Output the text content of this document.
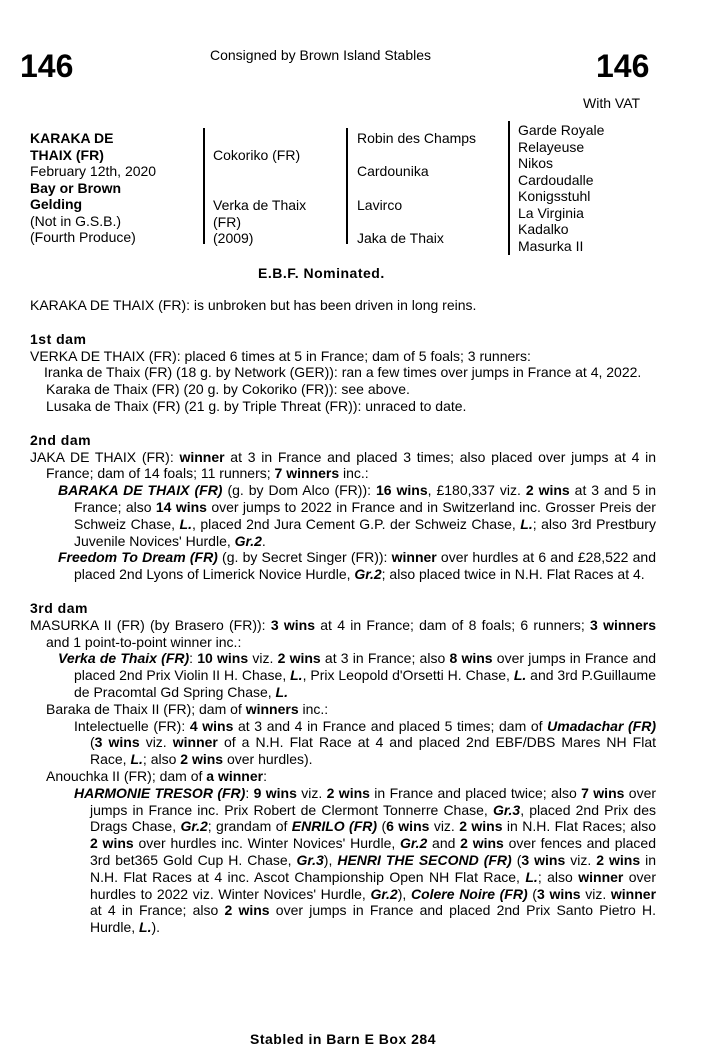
146	146
Consigned by Brown Island Stables
With VAT
KARAKA DE
THAIX (FR)
February 12th, 2020
Bay or Brown
Gelding
(Not in G.S.B.)
(Fourth Produce)
Cokoriko (FR)
Verka de Thaix
(FR)
(2009)
Robin des Champs
Cardounika
Lavirco
Jaka de Thaix
Garde Royale
Relayeuse
Nikos
Cardoudalle
Konigsstuhl
La Virginia
Kadalko
Masurka II
E.B.F. Nominated.

KARAKA DE THAIX (FR): is unbroken but has been driven in long reins.

1st dam

VERKA DE THAIX (FR): placed 6 times at 5 in France; dam of 5 foals; 3 runners:

Iranka de Thaix (FR) (18 g. by Network (GER)): ran a few times over jumps in France at 4, 2022.

Karaka de Thaix (FR) (20 g. by Cokoriko (FR)): see above.

Lusaka de Thaix (FR) (21 g. by Triple Threat (FR)): unraced to date.

2nd dam

JAKA DE THAIX (FR): winner at 3 in France and placed 3 times; also placed over jumps at 4 in France; dam of 14 foals; 11 runners; 7 winners inc.:

BARAKA DE THAIX (FR) (g. by Dom Alco (FR)): 16 wins, £180,337 viz. 2 wins at 3 and 5 in France; also 14 wins over jumps to 2022 in France and in Switzerland inc. Grosser Preis der Schweiz Chase, L., placed 2nd Jura Cement G.P. der Schweiz Chase, L.; also 3rd Prestbury Juvenile Novices' Hurdle, Gr.2.

Freedom To Dream (FR) (g. by Secret Singer (FR)): winner over hurdles at 6 and £28,522 and placed 2nd Lyons of Limerick Novice Hurdle, Gr.2; also placed twice in N.H. Flat Races at 4.

3rd dam

MASURKA II (FR) (by Brasero (FR)): 3 wins at 4 in France; dam of 8 foals; 6 runners; 3 winners and 1 point-to-point winner inc.:

Verka de Thaix (FR): 10 wins viz. 2 wins at 3 in France; also 8 wins over jumps in France and placed 2nd Prix Violin II H. Chase, L., Prix Leopold d'Orsetti H. Chase, L. and 3rd P.Guillaume de Pracomtal Gd Spring Chase, L.

Baraka de Thaix II (FR); dam of winners inc.:

Intelectuelle (FR): 4 wins at 3 and 4 in France and placed 5 times; dam of Umadachar (FR) (3 wins viz. winner of a N.H. Flat Race at 4 and placed 2nd EBF/DBS Mares NH Flat Race, L.; also 2 wins over hurdles).

Anouchka II (FR); dam of a winner:

HARMONIE TRESOR (FR): 9 wins viz. 2 wins in France and placed twice; also 7 wins over jumps in France inc. Prix Robert de Clermont Tonnerre Chase, Gr.3, placed 2nd Prix des Drags Chase, Gr.2; grandam of ENRILO (FR) (6 wins viz. 2 wins in N.H. Flat Races; also 2 wins over hurdles inc. Winter Novices' Hurdle, Gr.2 and 2 wins over fences and placed 3rd bet365 Gold Cup H. Chase, Gr.3), HENRI THE SECOND (FR) (3 wins viz. 2 wins in N.H. Flat Races at 4 inc. Ascot Championship Open NH Flat Race, L.; also winner over hurdles to 2022 viz. Winter Novices' Hurdle, Gr.2), Colere Noire (FR) (3 wins viz. winner at 4 in France; also 2 wins over jumps in France and placed 2nd Prix Santo Pietro H. Hurdle, L.).

Stabled in Barn E Box 284
